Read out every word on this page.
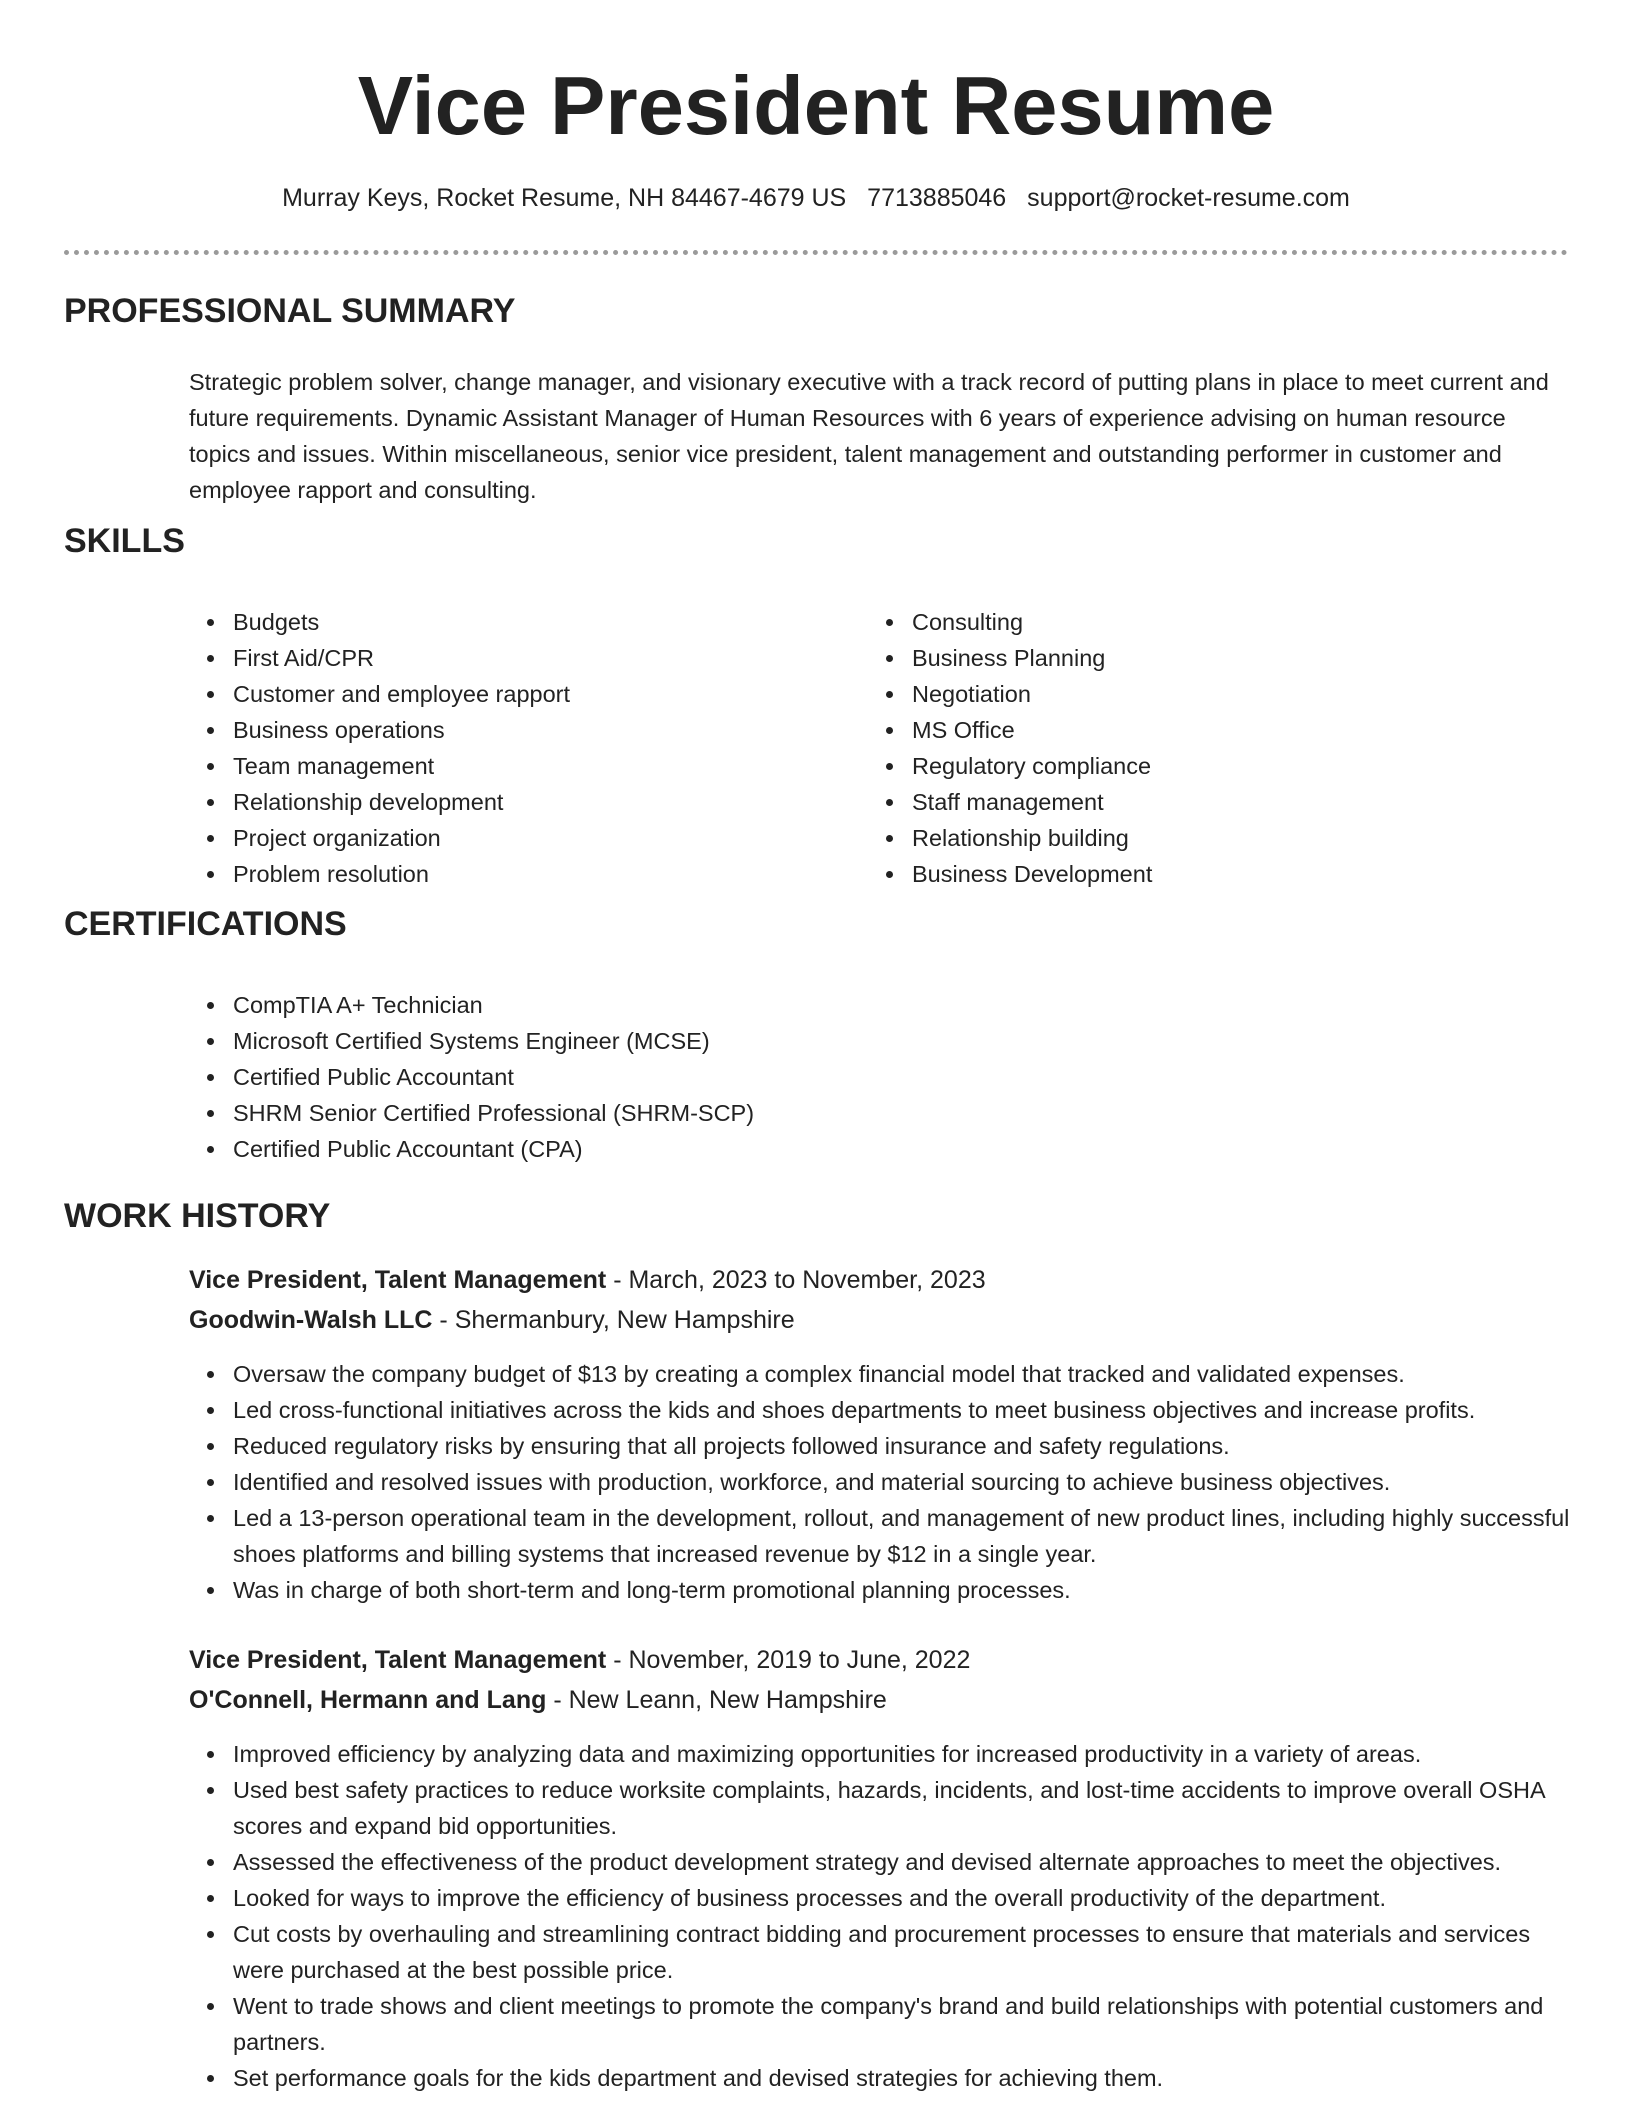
Vice President Resume
Murray Keys, Rocket Resume, NH 84467-4679 US 7713885046 support@rocket-resume.com
PROFESSIONAL SUMMARY

Strategic problem solver, change manager, and visionary executive with a track record of putting plans in place to meet current and future requirements. Dynamic Assistant Manager of Human Resources with 6 years of experience advising on human resource topics and issues. Within miscellaneous, senior vice president, talent management and outstanding performer in customer and employee rapport and consulting.

SKILLS
Budgets
First Aid/CPR
Customer and employee rapport
Business operations
Team management
Relationship development
Project organization
Problem resolution
Consulting
Business Planning
Negotiation
MS Office
Regulatory compliance
Staff management
Relationship building
Business Development
CERTIFICATIONS
CompTIA A+ Technician
Microsoft Certified Systems Engineer (MCSE)
Certified Public Accountant
SHRM Senior Certified Professional (SHRM-SCP)
Certified Public Accountant (CPA)
WORK HISTORY
Vice President, Talent Management - March, 2023 to November, 2023
Goodwin-Walsh LLC - Shermanbury, New Hampshire
Oversaw the company budget of $13 by creating a complex financial model that tracked and validated expenses.
Led cross-functional initiatives across the kids and shoes departments to meet business objectives and increase profits.
Reduced regulatory risks by ensuring that all projects followed insurance and safety regulations.
Identified and resolved issues with production, workforce, and material sourcing to achieve business objectives.
Led a 13-person operational team in the development, rollout, and management of new product lines, including highly successful shoes platforms and billing systems that increased revenue by $12 in a single year.
Was in charge of both short-term and long-term promotional planning processes.
Vice President, Talent Management - November, 2019 to June, 2022
O'Connell, Hermann and Lang - New Leann, New Hampshire
Improved efficiency by analyzing data and maximizing opportunities for increased productivity in a variety of areas.
Used best safety practices to reduce worksite complaints, hazards, incidents, and lost-time accidents to improve overall OSHA scores and expand bid opportunities.
Assessed the effectiveness of the product development strategy and devised alternate approaches to meet the objectives.
Looked for ways to improve the efficiency of business processes and the overall productivity of the department.
Cut costs by overhauling and streamlining contract bidding and procurement processes to ensure that materials and services were purchased at the best possible price.
Went to trade shows and client meetings to promote the company's brand and build relationships with potential customers and partners.
Set performance goals for the kids department and devised strategies for achieving them.
